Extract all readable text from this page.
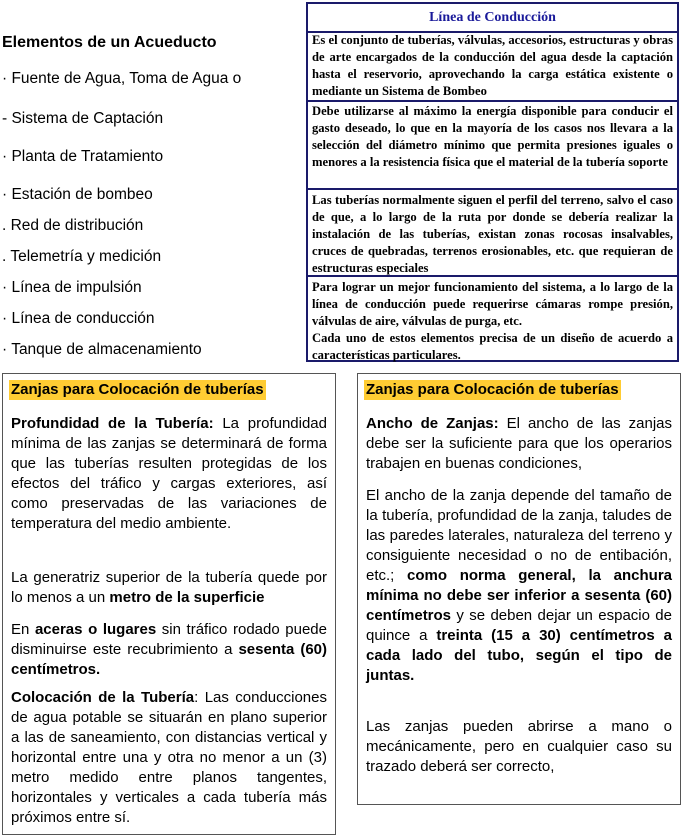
Elementos de un Acueducto
· Fuente de Agua, Toma de Agua o
- Sistema de Captación
· Planta de Tratamiento
· Estación de bombeo
. Red de distribución
. Telemetría y medición
· Línea de impulsión
· Línea de conducción
· Tanque de almacenamiento
Línea de Conducción

Es el conjunto de tuberías, válvulas, accesorios, estructuras y obras de arte encargados de la conducción del agua desde la captación hasta el reservorio, aprovechando la carga estática existente o mediante un Sistema de Bombeo

Debe utilizarse al máximo la energía disponible para conducir el gasto deseado, lo que en la mayoría de los casos nos llevara a la selección del diámetro mínimo que permita presiones iguales o menores a la resistencia física que el material de la tubería soporte

Las tuberías normalmente siguen el perfil del terreno, salvo el caso de que, a lo largo de la ruta por donde se debería realizar la instalación de las tuberías, existan zonas rocosas insalvables, cruces de quebradas, terrenos erosionables, etc. que requieran de estructuras especiales

Para lograr un mejor funcionamiento del sistema, a lo largo de la línea de conducción puede requerirse cámaras rompe presión, válvulas de aire, válvulas de purga, etc.

Cada uno de estos elementos precisa de un diseño de acuerdo a características particulares.

Zanjas para Colocación de tuberías

Profundidad de la Tubería: La profundidad mínima de las zanjas se determinará de forma que las tuberías resulten protegidas de los efectos del tráfico y cargas exteriores, así como preservadas de las variaciones de temperatura del medio ambiente.

La generatriz superior de la tubería quede por lo menos a un metro de la superficie

En aceras o lugares sin tráfico rodado puede disminuirse este recubrimiento a sesenta (60) centímetros.

Colocación de la Tubería: Las conducciones de agua potable se situarán en plano superior a las de saneamiento, con distancias vertical y horizontal entre una y otra no menor a un (3) metro medido entre planos tangentes, horizontales y verticales a cada tubería más próximos entre sí.

Zanjas para Colocación de tuberías

Ancho de Zanjas: El ancho de las zanjas debe ser la suficiente para que los operarios trabajen en buenas condiciones,

El ancho de la zanja depende del tamaño de la tubería, profundidad de la zanja, taludes de las paredes laterales, naturaleza del terreno y consiguiente necesidad o no de entibación, etc.; como norma general, la anchura mínima no debe ser inferior a sesenta (60) centímetros y se deben dejar un espacio de quince a treinta (15 a 30) centímetros a cada lado del tubo, según el tipo de juntas.

Las zanjas pueden abrirse a mano o mecánicamente, pero en cualquier caso su trazado deberá ser correcto,
